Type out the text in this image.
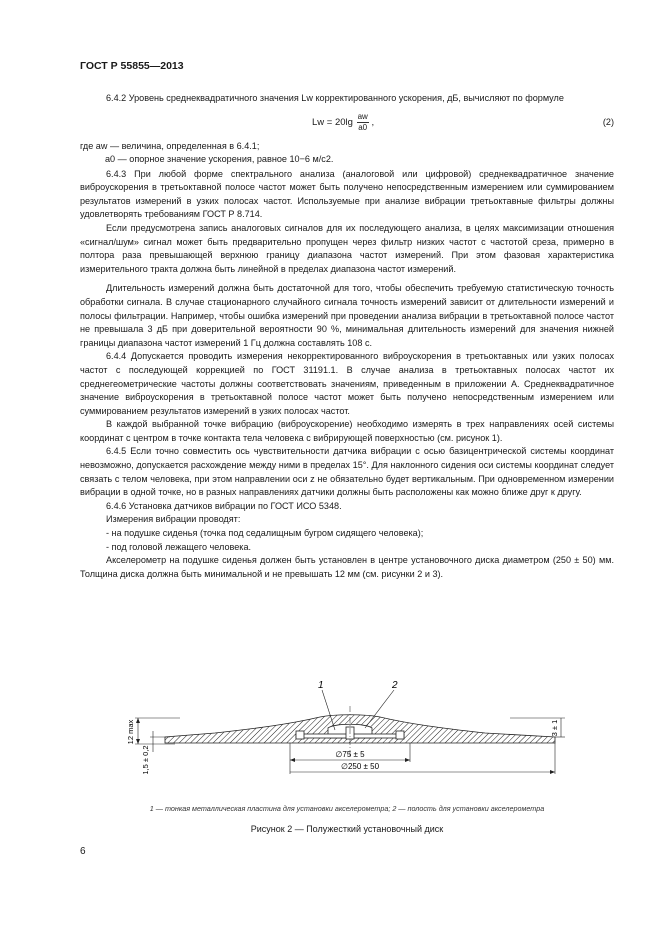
ГОСТ Р 55855—2013

6.4.2 Уровень среднеквадратичного значения Lw корректированного ускорения, дБ, вычисляют по формуле

$Lw = 20\lg \frac{aw}{a0}$ ,	(2)
где aw — величина, определенная в 6.4.1;
a0 — опорное значение ускорения, равное 10−6 м/с2.

6.4.3 При любой форме спектрального анализа (аналоговой или цифровой) среднеквадратичное значение виброускорения в третьоктавной полосе частот может быть получено непосредственным измерением или суммированием результатов измерений в узких полосах частот. Используемые при анализе вибрации третьоктавные фильтры должны удовлетворять требованиям ГОСТ Р 8.714.

Если предусмотрена запись аналоговых сигналов для их последующего анализа, в целях максимизации отношения «сигнал/шум» сигнал может быть предварительно пропущен через фильтр низких частот с частотой среза, примерно в полтора раза превышающей верхнюю границу диапазона частот измерений. При этом фазовая характеристика измерительного тракта должна быть линейной в пределах диапазона частот измерений.

Длительность измерений должна быть достаточной для того, чтобы обеспечить требуемую статистическую точность обработки сигнала. В случае стационарного случайного сигнала точность измерений зависит от длительности измерений и полосы фильтрации. Например, чтобы ошибка измерений при проведении анализа вибрации в третьоктавной полосе частот не превышала 3 дБ при доверительной вероятности 90 %, минимальная длительность измерений для значения нижней границы диапазона частот измерений 1 Гц должна составлять 108 с.

6.4.4 Допускается проводить измерения некорректированного виброускорения в третьоктавных или узких полосах частот с последующей коррекцией по ГОСТ 31191.1. В случае анализа в третьоктавных полосах частот их среднегеометрические частоты должны соответствовать значениям, приведенным в приложении А. Среднеквадратичное значение виброускорения в третьоктавной полосе частот может быть получено непосредственным измерением или суммированием результатов измерений в узких полосах частот.

В каждой выбранной точке вибрацию (виброускорение) необходимо измерять в трех направлениях осей системы координат с центром в точке контакта тела человека с вибрирующей поверхностью (см. рисунок 1).

6.4.5 Если точно совместить ось чувствительности датчика вибрации с осью базицентрической системы координат невозможно, допускается расхождение между ними в пределах 15°. Для наклонного сидения оси системы координат следует связать с телом человека, при этом направлении оси z не обязательно будет вертикальным. При одновременном измерении вибрации в одной точке, но в разных направлениях датчики должны быть расположены как можно ближе друг к другу.

6.4.6 Установка датчиков вибрации по ГОСТ ИСО 5348.

Измерения вибрации проводят:

- на подушке сиденья (точка под седалищным бугром сидящего человека);

- под головой лежащего человека.

Акселерометр на подушке сиденья должен быть установлен в центре установочного диска диаметром (250 ± 50) мм. Толщина диска должна быть минимальной и не превышать 12 мм (см. рисунки 2 и 3).

12 max
1,5 ± 0,2
1	2
3 ± 1
∅75 ± 5
∅250 ± 50
1 — тонкая металлическая пластина для установки акселерометра; 2 — полость для установки акселерометра
Рисунок 2 — Полужесткий установочный диск
6
